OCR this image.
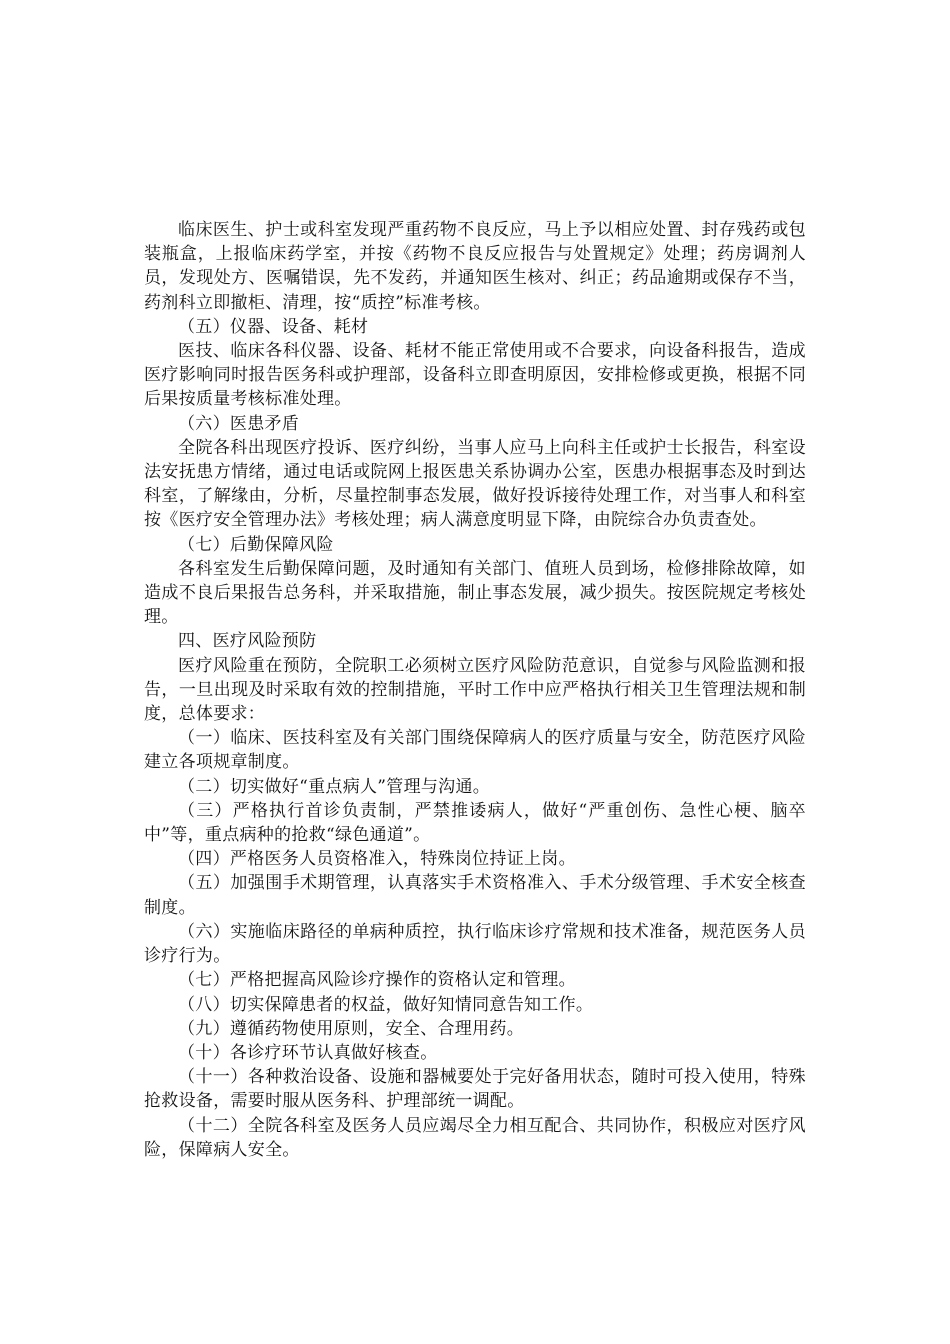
临床医生、护士或科室发现严重药物不良反应，马上予以相应处置、封存残药或包装瓶盒，上报临床药学室，并按《药物不良反应报告与处置规定》处理；药房调剂人员，发现处方、医嘱错误，先不发药，并通知医生核对、纠正；药品逾期或保存不当，药剂科立即撤柜、清理，按“质控”标准考核。

（五）仪器、设备、耗材

医技、临床各科仪器、设备、耗材不能正常使用或不合要求，向设备科报告，造成医疗影响同时报告医务科或护理部，设备科立即查明原因，安排检修或更换，根据不同后果按质量考核标准处理。

（六）医患矛盾

全院各科出现医疗投诉、医疗纠纷，当事人应马上向科主任或护士长报告，科室设法安抚患方情绪，通过电话或院网上报医患关系协调办公室，医患办根据事态及时到达科室，了解缘由，分析，尽量控制事态发展，做好投诉接待处理工作，对当事人和科室按《医疗安全管理办法》考核处理；病人满意度明显下降，由院综合办负责查处。

（七）后勤保障风险

各科室发生后勤保障问题，及时通知有关部门、值班人员到场，检修排除故障，如造成不良后果报告总务科，并采取措施，制止事态发展，减少损失。按医院规定考核处理。

四、医疗风险预防

医疗风险重在预防，全院职工必须树立医疗风险防范意识，自觉参与风险监测和报告，一旦出现及时采取有效的控制措施，平时工作中应严格执行相关卫生管理法规和制度，总体要求：

（一）临床、医技科室及有关部门围绕保障病人的医疗质量与安全，防范医疗风险建立各项规章制度。

（二）切实做好“重点病人”管理与沟通。

（三）严格执行首诊负责制，严禁推诿病人，做好“严重创伤、急性心梗、脑卒中”等，重点病种的抢救“绿色通道”。

（四）严格医务人员资格准入，特殊岗位持证上岗。

（五）加强围手术期管理，认真落实手术资格准入、手术分级管理、手术安全核查制度。

（六）实施临床路径的单病种质控，执行临床诊疗常规和技术准备，规范医务人员诊疗行为。

（七）严格把握高风险诊疗操作的资格认定和管理。

（八）切实保障患者的权益，做好知情同意告知工作。

（九）遵循药物使用原则，安全、合理用药。

（十）各诊疗环节认真做好核查。

（十一）各种救治设备、设施和器械要处于完好备用状态，随时可投入使用，特殊抢救设备，需要时服从医务科、护理部统一调配。

（十二）全院各科室及医务人员应竭尽全力相互配合、共同协作，积极应对医疗风险，保障病人安全。
